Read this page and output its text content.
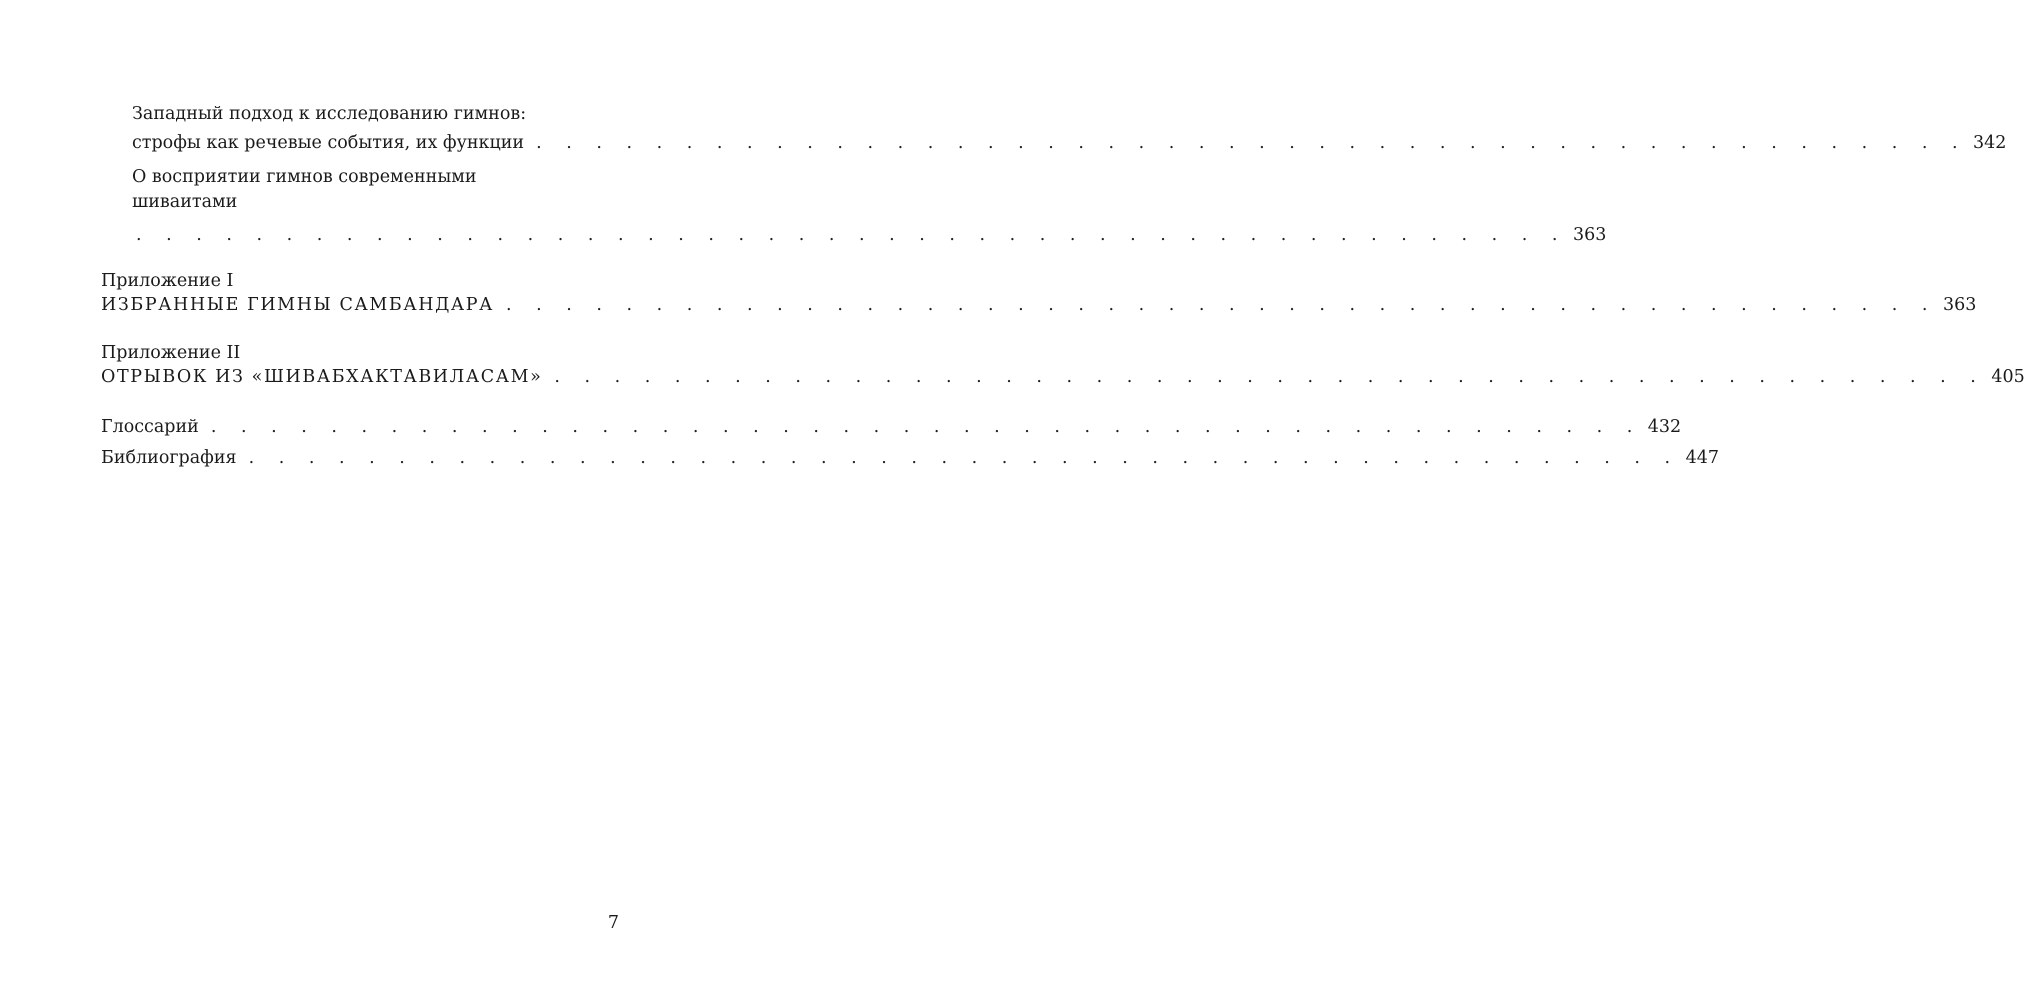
Западный подход к исследованию гимнов:
строфы как речевые события, их функции . . . . . . . . . . . . . . . . . . . . . . . . . . . . . . . . . . . . . . . . . . . . . . . . 342
О восприятии гимнов современными
шиваитами
. . . . . . . . . . . . . . . . . . . . . . . . . . . . . . . . . . . . . . . . . . . . . . . . 363
Приложение I
ИЗБРАННЫЕ ГИМНЫ САМБАНДАРА . . . . . . . . . . . . . . . . . . . . . . . . . . . . . . . . . . . . . . . . . . . . . . . . 363
Приложение II
ОТРЫВОК ИЗ «ШИВАБХАКТАВИЛАСАМ» . . . . . . . . . . . . . . . . . . . . . . . . . . . . . . . . . . . . . . . . . . . . . . . . 405
Глоссарий . . . . . . . . . . . . . . . . . . . . . . . . . . . . . . . . . . . . . . . . . . . . . . . . 432
Библиография . . . . . . . . . . . . . . . . . . . . . . . . . . . . . . . . . . . . . . . . . . . . . . . . 447
7
